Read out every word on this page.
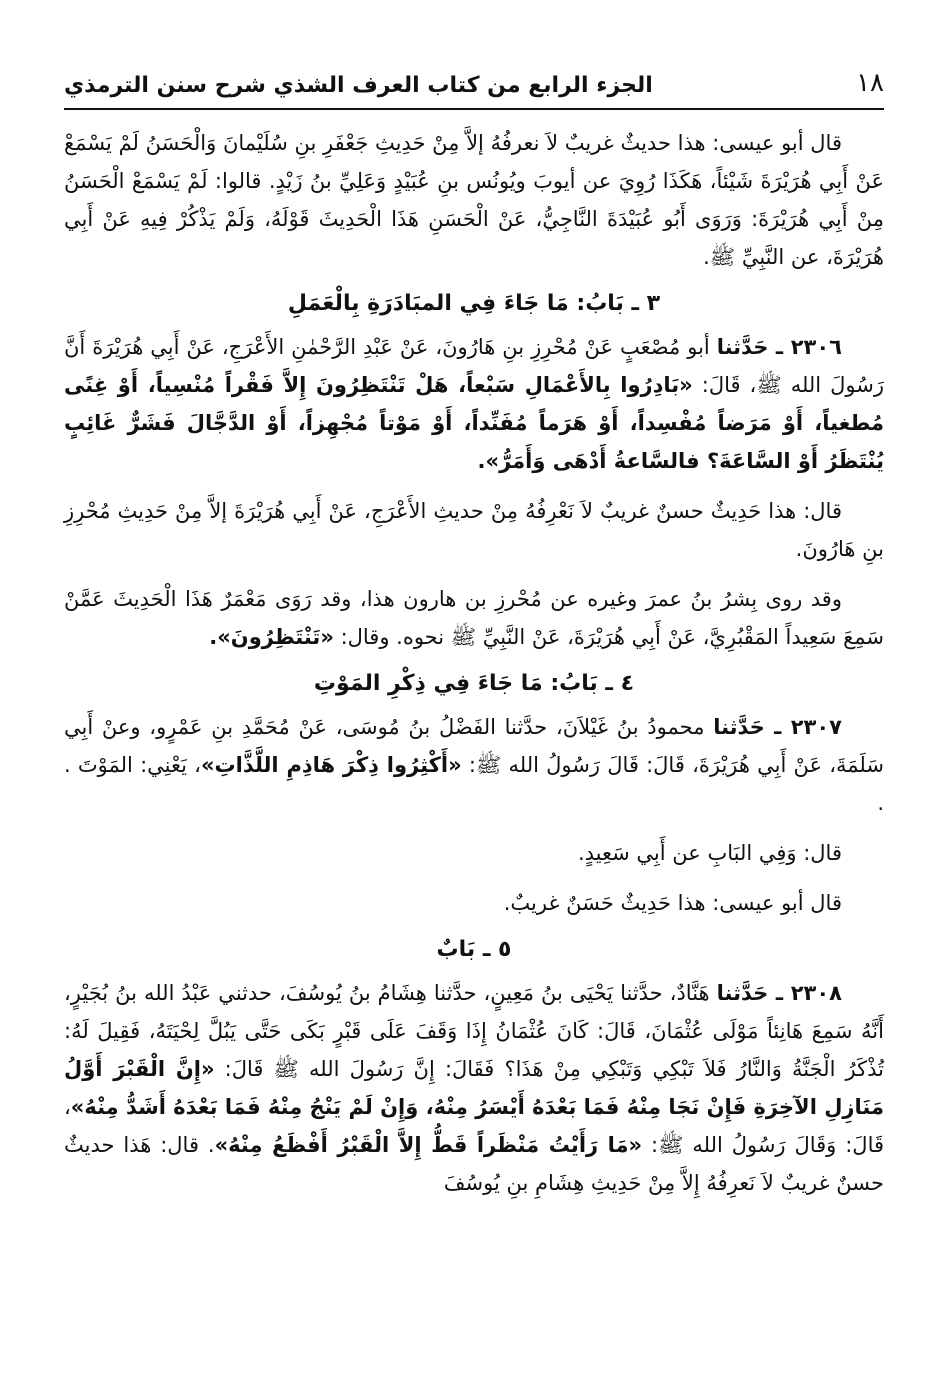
١٨
الجزء الرابع من كتاب العرف الشذي شرح سنن الترمذي

قال أبو عيسى: هذا حديثٌ غريبٌ لاَ نعرفُهُ إلاَّ مِنْ حَدِيثِ جَعْفَرِ بنِ سُلَيْمانَ وَالْحَسَنُ لَمْ يَسْمَعْ عَنْ أَبِي هُرَيْرَةَ شَيْئاً، هَكَذَا رُوِيَ عن أيوبَ ويُونُس بنِ عُبَيْدٍ وَعَلِيِّ بنُ زَيْدٍ. قالوا: لَمْ يَسْمَعْ الْحَسَنُ مِنْ أَبِي هُرَيْرَةَ: وَرَوَى أَبُو عُبَيْدَةَ النَّاجِيُّ، عَنْ الْحَسَنِ هَذَا الْحَدِيثَ قَوْلَهُ، وَلَمْ يَذْكُرْ فِيهِ عَنْ أَبِي هُرَيْرَةَ، عن النَّبِيِّ ﷺ.

٣ ـ بَابُ: مَا جَاءَ فِي المبَادَرَةِ بِالْعَمَلِ

٢٣٠٦ ـ حَدَّثنا أبو مُصْعَبٍ عَنْ مُحْرِزِ بنِ هَارُونَ، عَنْ عَبْدِ الرَّحْمٰنِ الأَعْرَجِ، عَنْ أَبِي هُرَيْرَةَ أَنَّ رَسُولَ الله ﷺ، قَالَ: «بَادِرُوا بِالأَعْمَالِ سَبْعاً، هَلْ تَنْتَظِرُونَ إِلاَّ فَقْراً مُنْسِياً، أَوْ غِنًى مُطغياً، أَوْ مَرَضاً مُفْسِداً، أَوْ هَرَماً مُفَنِّداً، أَوْ مَوْتاً مُجْهِزاً، أَوْ الدَّجَّالَ فَشَرٌّ غَائِبٍ يُنْتَظَرُ أَوْ السَّاعَةَ؟ فالسَّاعةُ أَدْهَى وَأَمَرُّ».

قال: هذا حَدِيثٌ حسنٌ غريبٌ لاَ نَعْرِفُهُ مِنْ حديثِ الأَعْرَجِ، عَنْ أَبِي هُرَيْرَةَ إلاَّ مِنْ حَدِيثِ مُحْرِزِ بنِ هَارُونَ.

وقد روى بِشرُ بنُ عمرَ وغيره عن مُحْرزِ بن هارون هذا، وقد رَوَى مَعْمَرٌ هَذَا الْحَدِيثَ عَمَّنْ سَمِعَ سَعِيداً المَقْبُرِيَّ، عَنْ أَبِي هُرَيْرَةَ، عَنْ النَّبِيِّ ﷺ نحوه. وقال: «تَنْتَظِرُونَ».

٤ ـ بَابُ: مَا جَاءَ فِي ذِكْرِ المَوْتِ

٢٣٠٧ ـ حَدَّثنا محمودُ بنُ غَيْلاَنَ، حدَّثنا الفَضْلُ بنُ مُوسَى، عَنْ مُحَمَّدِ بنِ عَمْرٍو، وعنْ أَبِي سَلَمَةَ، عَنْ أَبِي هُرَيْرَةَ، قَالَ: قَالَ رَسُولُ الله ﷺ: «أَكْثِرُوا ذِكْرَ هَاذِمِ اللَّذَّاتِ»، يَعْنِي: المَوْتَ . .

قال: وَفِي البَابِ عن أَبِي سَعِيدٍ.

قال أبو عيسى: هذا حَدِيثٌ حَسَنٌ غريبٌ.

٥ ـ بَابٌ

٢٣٠٨ ـ حَدَّثنا هَنَّادٌ، حدَّثنا يَحْيَى بنُ مَعِينٍ، حدَّثنا هِشَامُ بنُ يُوسُفَ، حدثني عَبْدُ الله بنُ بُجَيْرٍ، أَنَّهُ سَمِعَ هَانِئاً مَوْلَى عُثْمَانَ، قَالَ: كَانَ عُثْمَانُ إِذَا وَقَفَ عَلَى قَبْرٍ بَكَى حَتَّى يَبُلَّ لِحْيَتَهُ، فَقِيلَ لَهُ: تُذْكَرُ الْجَنَّةُ وَالنَّارُ فَلاَ تَبْكِي وَتَبْكِي مِنْ هَذَا؟ فَقَالَ: إِنَّ رَسُولَ الله ﷺ قَالَ: «إِنَّ الْقَبْرَ أَوَّلُ مَنَازِلِ الآخِرَةِ فَإِنْ نَجَا مِنْهُ فَمَا بَعْدَهُ أَيْسَرُ مِنْهُ، وَإِنْ لَمْ يَنْجُ مِنْهُ فَمَا بَعْدَهُ أَشَدُّ مِنْهُ»، قَالَ: وَقَالَ رَسُولُ الله ﷺ: «مَا رَأَيْتُ مَنْظَراً قَطُّ إِلاَّ الْقَبْرُ أَفْظَعُ مِنْهُ». قال: هَذا حديثٌ حسنٌ غريبٌ لاَ نَعرِفُهُ إِلاَّ مِنْ حَدِيثِ هِشَامِ بنِ يُوسُفَ
